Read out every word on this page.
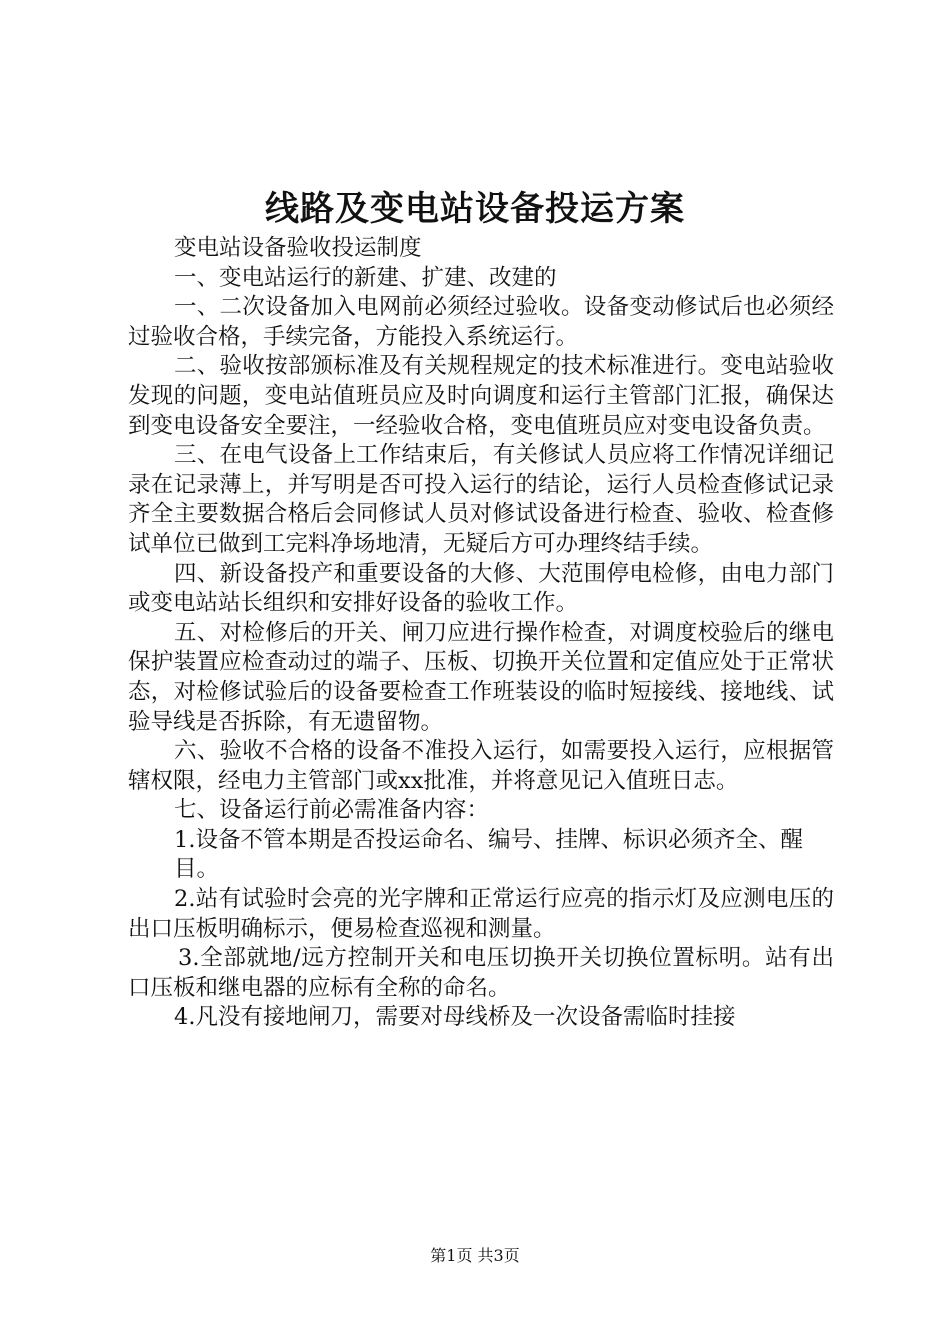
线路及变电站设备投运方案

变电站设备验收投运制度

一、变电站运行的新建、扩建、改建的

一、二次设备加入电网前必须经过验收。设备变动修试后也必须经过验收合格，手续完备，方能投入系统运行。

二、验收按部颁标准及有关规程规定的技术标准进行。变电站验收发现的问题，变电站值班员应及时向调度和运行主管部门汇报，确保达到变电设备安全要注，一经验收合格，变电值班员应对变电设备负责。

三、在电气设备上工作结束后，有关修试人员应将工作情况详细记录在记录薄上，并写明是否可投入运行的结论，运行人员检查修试记录齐全主要数据合格后会同修试人员对修试设备进行检查、验收、检查修试单位已做到工完料净场地清，无疑后方可办理终结手续。

四、新设备投产和重要设备的大修、大范围停电检修，由电力部门或变电站站长组织和安排好设备的验收工作。

五、对检修后的开关、闸刀应进行操作检查，对调度校验后的继电保护装置应检查动过的端子、压板、切换开关位置和定值应处于正常状态，对检修试验后的设备要检查工作班装设的临时短接线、接地线、试验导线是否拆除，有无遗留物。

六、验收不合格的设备不准投入运行，如需要投入运行，应根据管辖权限，经电力主管部门或xx批准，并将意见记入值班日志。

七、设备运行前必需准备内容：

1.设备不管本期是否投运命名、编号、挂牌、标识必须齐全、醒

目。

2.站有试验时会亮的光字牌和正常运行应亮的指示灯及应测电压的出口压板明确标示，便易检查巡视和测量。

3.全部就地/远方控制开关和电压切换开关切换位置标明。站有出口压板和继电器的应标有全称的命名。

4.凡没有接地闸刀，需要对母线桥及一次设备需临时挂接

第1页 共3页
